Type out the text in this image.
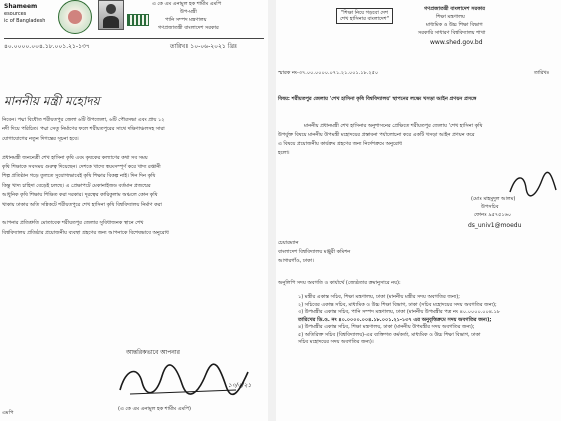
Shameem
esources
ic of Bangladesh
এ কে এম এনামুল হক শামীম এমপি
উপ-মন্ত্রী
পানি সম্পদ মন্ত্রণালয়
গণপ্রজাতন্ত্রী বাংলাদেশ সরকার
৪০.০০০০.০০৪.১৮.০০১.২১-১৩৭	তারিখঃ ১০-০৬-২০২১ খ্রিঃ
মাননীয় মন্ত্রী মহোদয়
নিবেন। পদ্মা বিধৌত শরীয়তপুর জেলা ৬টি উপজেলা, ৬টি পৌরসভা এবং প্রায় ১২
নদী দিয়ে পরিচিত। পদ্মা সেতু নির্মাণের ফলে শরীয়তপুরের সাথে দক্ষিণাঞ্চলসহ সারা
যোগাযোগের নতুন দিগন্তের সূচনা হবে।

প্রধানমন্ত্রী জননেত্রী শেখ হাসিনা কৃষি এবং কৃষকের কল্যাণের কথা সব সময়
কৃষি শিক্ষাকে সবসময় গুরুত্ব দিয়েছেন। দেশকে খাদ্যে স্বয়ংসম্পূর্ণ করে খাদ্য রপ্তানী
শিল্প প্রতিষ্ঠান গড়ে তুলতে সুযোগ্যভাবেই কৃষি শিক্ষার বিকল্প নাই। দিন দিন কৃষি
কিন্তু খাদ্য চাহিদা বেড়েই চলছে। এ প্রেক্ষাপটে মেকানাইজড বর্তমান প্রজন্মের
আধুনিক কৃষি শিক্ষায় শিক্ষিত করা দরকার। দূরত্বের কারিকুলাম অঞ্চলে কোন কৃষি
খাকায় ঢাকার অতি সন্নিকটে শরীয়তপুরে শেখ হাসিনা কৃষি বিশ্ববিদ্যালয় নির্মাণ করা

আপনার প্রতিশ্রুতি মোতাবেক শরীয়তপুর জেলার সুবিধাজনক স্থানে শেখ
বিশ্ববিদ্যালয় প্রতিষ্ঠার প্রয়োজনীয় ব্যবস্থা গ্রহণের জন্য আপনাকে বিশেষভাবে অনুরোধ
আন্তরিকভাবে আপনার
১০/৬/২১
(এ কে এম এনামুল হক শামীম এমপি)
এমপি
"শিক্ষা নিয়ে গড়বো দেশ
শেখ হাসিনার বাংলাদেশ"
গণপ্রজাতন্ত্রী বাংলাদেশ সরকার
শিক্ষা মন্ত্রণালয়
মাধ্যমিক ও উচ্চ শিক্ষা বিভাগ
সরকারি সাধারণ বিশ্ববিদ্যালয় শাখা
www.shed.gov.bd
স্মারক নং-৩৭.০০.০০০০.০৭১.২১.০০১.১৮.২৫০	তারিখঃ
বিষয়: শরীয়তপুর জেলায় 'শেখ হাসিনা কৃষি বিশ্ববিদ্যালয়' স্থাপনের লক্ষ্যে খসড়া আইন প্রণয়ন প্রসঙ্গে
মাননীয় প্রধানমন্ত্রী শেখ হাসিনার অনুশাসনের প্রেক্ষিতে শরীয়তপুর জেলায় 'শেখ হাসিনা কৃষি
উপর্যুক্ত বিষয়ে মাননীয় উপমন্ত্রী মহোদয়ের প্রস্তাবনা পর্যালোচনা করে একটি খসড়া আইন প্রণয়ন করে
এ বিষয়ে প্রয়োজনীয় কার্যক্রম গ্রহণের জন্য নির্দেশক্রমে অনুরোধ
হলো।
(মোঃ মাহমুদুল আলম)
উপসচিব
ফোনঃ ৯৫৭৫১৬০
ds_univ1@moedu
চেয়ারম্যান
বাংলাদেশ বিশ্ববিদ্যালয় মঞ্জুরী কমিশন
আগারগাঁও, ঢাকা।
অনুলিপি সদয় অবগতি ও কার্যার্থে (জ্যেষ্ঠতার ক্রমানুসারে নয়):
১) মন্ত্রীর একান্ত সচিব, শিক্ষা মন্ত্রণালয়, ঢাকা (মাননীয় মন্ত্রীর সদয় অবগতির জন্য);
২) সচিবের একান্ত সচিব, মাধ্যমিক ও উচ্চ শিক্ষা বিভাগ, ঢাকা (সচিব মহোদয়ের সদয় অবগতির জন্য);
৩) উপমন্ত্রীর একান্ত সচিব, পানি সম্পদ মন্ত্রণালয়, ঢাকা (মাননীয় উপমন্ত্রীর পত্র নং ৪০.০০০০.০০৪.১৮
তারিখের ডি.ও. নং ৪০.০০০০.০০৪.১৮.০০১.২১-১৩৭ এর অনুবৃত্তিক্রমে সদয় অবগতির জন্য);
৪) উপমন্ত্রীর একান্ত সচিব, শিক্ষা মন্ত্রণালয়, ঢাকা (মাননীয় উপমন্ত্রীর সদয় অবগতির জন্য);
৫) অতিরিক্ত সচিব (বিশ্ববিদ্যালয়)-এর ব্যক্তিগত কর্মকর্তা, মাধ্যমিক ও উচ্চ শিক্ষা বিভাগ, ঢাকা
সচিব মহোদয়ের সদয় অবগতির জন্য)।
